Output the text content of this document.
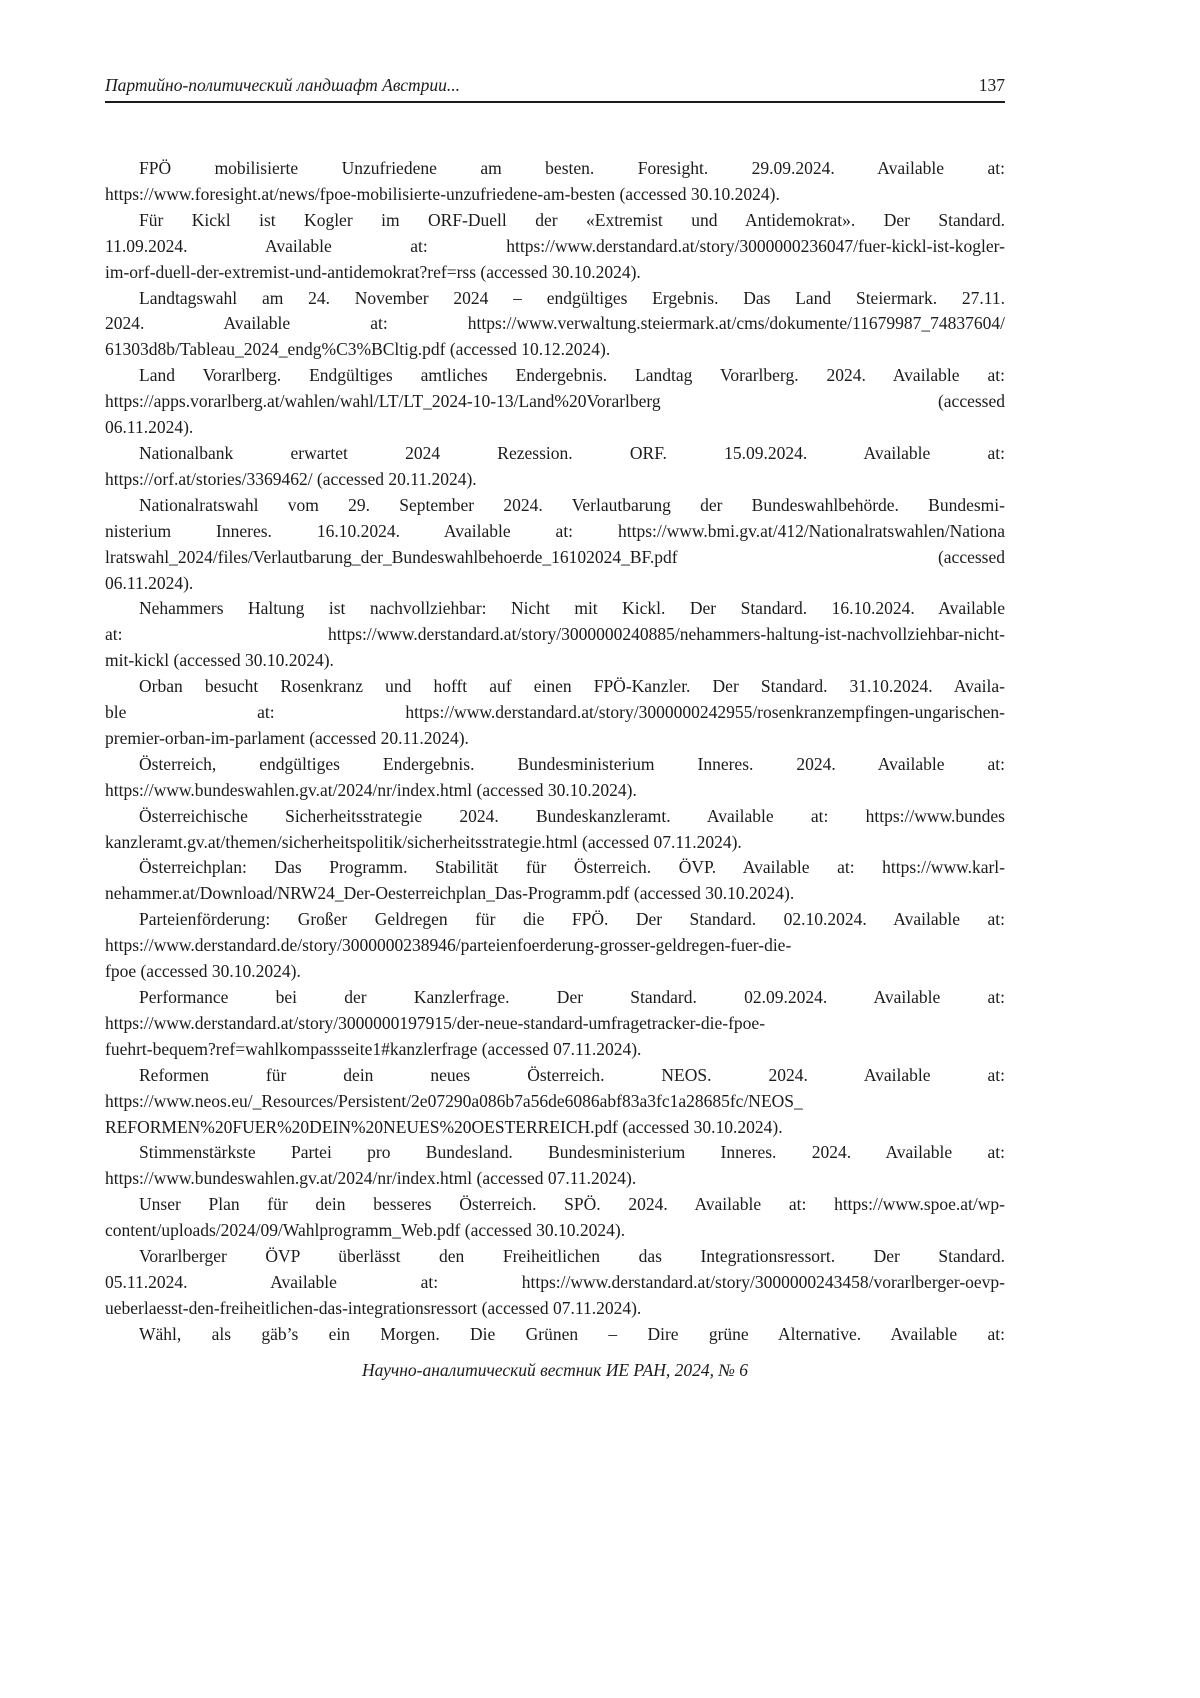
Партийно-политический ландшафт Австрии...	137
FPÖ mobilisierte Unzufriedene am besten. Foresight. 29.09.2024. Available at:
https://www.foresight.at/news/fpoe-mobilisierte-unzufriedene-am-besten (accessed 30.10.2024).
Für Kickl ist Kogler im ORF-Duell der «Extremist und Antidemokrat». Der Standard.
11.09.2024. Available at: https://www.derstandard.at/story/3000000236047/fuer-kickl-ist-kogler-
im-orf-duell-der-extremist-und-antidemokrat?ref=rss (accessed 30.10.2024).
Landtagswahl am 24. November 2024 – endgültiges Ergebnis. Das Land Steiermark. 27.11.
2024. Available at: https://www.verwaltung.steiermark.at/cms/dokumente/11679987_74837604/
61303d8b/Tableau_2024_endg%C3%BCltig.pdf (accessed 10.12.2024).
Land Vorarlberg. Endgültiges amtliches Endergebnis. Landtag Vorarlberg. 2024. Available at:
https://apps.vorarlberg.at/wahlen/wahl/LT/LT_2024-10-13/Land%20Vorarlberg (accessed
06.11.2024).
Nationalbank erwartet 2024 Rezession. ORF. 15.09.2024. Available at:
https://orf.at/stories/3369462/ (accessed 20.11.2024).
Nationalratswahl vom 29. September 2024. Verlautbarung der Bundeswahlbehörde. Bundesmi-
nisterium Inneres. 16.10.2024. Available at: https://www.bmi.gv.at/412/Nationalratswahlen/Nationa
lratswahl_2024/files/Verlautbarung_der_Bundeswahlbehoerde_16102024_BF.pdf (accessed
06.11.2024).
Nehammers Haltung ist nachvollziehbar: Nicht mit Kickl. Der Standard. 16.10.2024. Available
at: https://www.derstandard.at/story/3000000240885/nehammers-haltung-ist-nachvollziehbar-nicht-
mit-kickl (accessed 30.10.2024).
Orban besucht Rosenkranz und hofft auf einen FPÖ-Kanzler. Der Standard. 31.10.2024. Availa-
ble at: https://www.derstandard.at/story/3000000242955/rosenkranzempfingen-ungarischen-
premier-orban-im-parlament (accessed 20.11.2024).
Österreich, endgültiges Endergebnis. Bundesministerium Inneres. 2024. Available at:
https://www.bundeswahlen.gv.at/2024/nr/index.html (accessed 30.10.2024).
Österreichische Sicherheitsstrategie 2024. Bundeskanzleramt. Available at: https://www.bundes
kanzleramt.gv.at/themen/sicherheitspolitik/sicherheitsstrategie.html (accessed 07.11.2024).
Österreichplan: Das Programm. Stabilität für Österreich. ÖVP. Available at: https://www.karl-
nehammer.at/Download/NRW24_Der-Oesterreichplan_Das-Programm.pdf (accessed 30.10.2024).
Parteienförderung: Großer Geldregen für die FPÖ. Der Standard. 02.10.2024. Available at:
https://www.derstandard.de/story/3000000238946/parteienfoerderung-grosser-geldregen-fuer-die-
fpoe (accessed 30.10.2024).
Performance bei der Kanzlerfrage. Der Standard. 02.09.2024. Available at:
https://www.derstandard.at/story/3000000197915/der-neue-standard-umfragetracker-die-fpoe-
fuehrt-bequem?ref=wahlkompassseite1#kanzlerfrage (accessed 07.11.2024).
Reformen für dein neues Österreich. NEOS. 2024. Available at:
https://www.neos.eu/_Resources/Persistent/2e07290a086b7a56de6086abf83a3fc1a28685fc/NEOS_
REFORMEN%20FUER%20DEIN%20NEUES%20OESTERREICH.pdf (accessed 30.10.2024).
Stimmenstärkste Partei pro Bundesland. Bundesministerium Inneres. 2024. Available at:
https://www.bundeswahlen.gv.at/2024/nr/index.html (accessed 07.11.2024).
Unser Plan für dein besseres Österreich. SPÖ. 2024. Available at: https://www.spoe.at/wp-
content/uploads/2024/09/Wahlprogramm_Web.pdf (accessed 30.10.2024).
Vorarlberger ÖVP überlässt den Freiheitlichen das Integrationsressort. Der Standard.
05.11.2024. Available at: https://www.derstandard.at/story/3000000243458/vorarlberger-oevp-
ueberlaesst-den-freiheitlichen-das-integrationsressort (accessed 07.11.2024).
Wähl, als gäb’s ein Morgen. Die Grünen – Dire grüne Alternative. Available at:
Научно-аналитический вестник ИЕ РАН, 2024, № 6
